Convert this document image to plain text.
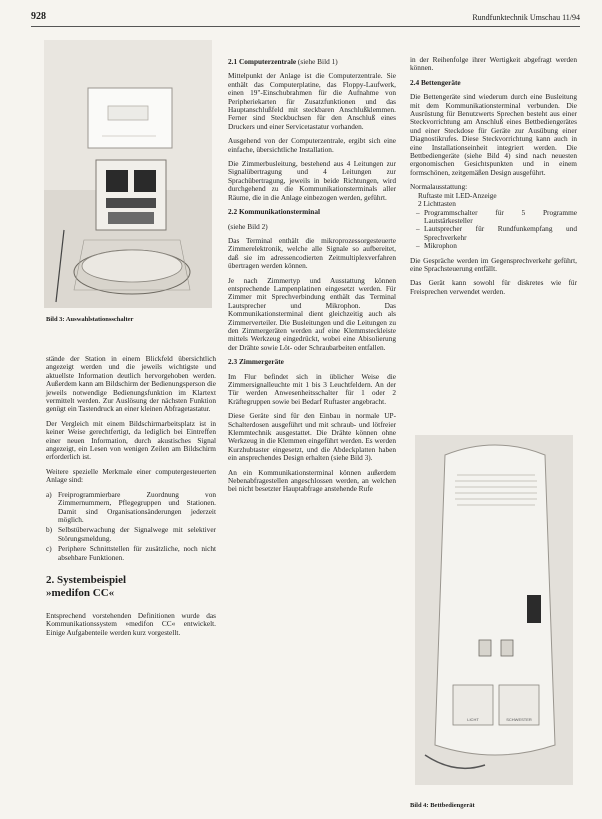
928	Rundfunktechnik Umschau 11/94
Bild 3: Auswahlstationsschalter

stände der Station in einem Blickfeld übersichtlich angezeigt werden und die jeweils wichtigste und aktuellste Information deutlich hervorgehoben werden. Außerdem kann am Bildschirm der Bedienungsperson die jeweils notwendige Bedienungsfunktion im Klartext vermittelt werden. Zur Auslösung der nächsten Funktion genügt ein Tastendruck an einer kleinen Abfragetastatur.

Der Vergleich mit einem Bildschirmarbeitsplatz ist in keiner Weise gerechtfertigt, da lediglich bei Eintreffen einer neuen Information, durch akustisches Signal angezeigt, ein Lesen von wenigen Zeilen am Bildschirm erforderlich ist.

Weitere spezielle Merkmale einer computergesteuerten Anlage sind:

a) Freiprogrammierbare Zuordnung von Zimmernummern, Pflegegruppen und Stationen. Damit sind Organisationsänderungen jederzeit möglich.
b) Selbstüberwachung der Signalwege mit selektiver Störungsmeldung.
c) Periphere Schnittstellen für zusätzliche, noch nicht absehbare Funktionen.
2. Systembeispiel
»medifon CC«

Entsprechend vorstehenden Definitionen wurde das Kommunikationssystem »medifon CC« entwickelt. Einige Aufgabenteile werden kurz vorgestellt.

2.1 Computerzentrale (siehe Bild 1)

Mittelpunkt der Anlage ist die Computerzentrale. Sie enthält das Computerplatine, das Floppy-Laufwerk, einen 19"-Einschubrahmen für die Aufnahme von Peripheriekarten für Zusatzfunktionen und das Hauptanschlußfeld mit steckbaren Anschlußklemmen. Ferner sind Steckbuchsen für den Anschluß eines Druckers und einer Servicetastatur vorhanden.

Ausgehend von der Computerzentrale, ergibt sich eine einfache, übersichtliche Installation.

Die Zimmerbusleitung, bestehend aus 4 Leitungen zur Signalübertragung und 4 Leitungen zur Sprachübertragung, jeweils in beide Richtungen, wird durchgehend zu die Kommunikationsterminals aller Räume, die in die Anlage einbezogen werden, geführt.

2.2 Kommunikationsterminal

(siehe Bild 2)

Das Terminal enthält die mikroprozessorgesteuerte Zimmerelektronik, welche alle Signale so aufbereitet, daß sie im adressencodierten Zeitmultiplexverfahren übertragen werden können.

Je nach Zimmertyp und Ausstattung können entsprechende Lampenplatinen eingesetzt werden. Für Zimmer mit Sprechverbindung enthält das Terminal Lautsprecher und Mikrophon. Das Kommunikationsterminal dient gleichzeitig auch als Zimmerverteiler. Die Busleitungen und die Leitungen zu den Zimmergeräten werden auf eine Klemmsteckleiste mittels Werkzeug eingedrückt, wobei eine Abisolierung der Drähte sowie Löt- oder Schraubarbeiten entfallen.

2.3 Zimmergeräte

Im Flur befindet sich in üblicher Weise die Zimmersignalleuchte mit 1 bis 3 Leuchtfeldern. An der Tür werden Anwesenheitsschalter für 1 oder 2 Kräftegruppen sowie bei Bedarf Ruftaster angebracht.

Diese Geräte sind für den Einbau in normale UP-Schalterdosen ausgeführt und mit schraub- und lötfreier Klemmtechnik ausgestattet. Die Drähte können ohne Werkzeug in die Klemmen eingeführt werden. Es werden Kurzhubtaster eingesetzt, und die Abdeckplatten haben ein ansprechendes Design erhalten (siehe Bild 3).

An ein Kommunikationsterminal können außerdem Nebenabfragestellen angeschlossen werden, an welchen bei nicht besetzter Hauptabfrage anstehende Rufe

in der Reihenfolge ihrer Wertigkeit abgefragt werden können.

2.4 Bettengeräte

Die Bettengeräte sind wiederum durch eine Busleitung mit dem Kommunikationsterminal verbunden. Die Ausrüstung für Benutzwerts Sprechen besteht aus einer Steckvorrichtung am Anschluß eines Bettbediengerätes und einer Steckdose für Geräte zur Ausübung einer Diagnostikrufes. Diese Steckvorrichtung kann auch in eine Installationseinheit integriert werden. Die Bettbediengeräte (siehe Bild 4) sind nach neuesten ergonomischen Gesichtspunkten und in einem formschönen, zeitgemäßen Design ausgeführt.

Normalausstattung:
Ruftaste mit LED-Anzeige
2 Lichttasten
– Programmschalter für 5 Programme Lautstärkesteller
– Lautsprecher für Rundfunkempfang und Sprechverkehr
– Mikrophon

Die Gespräche werden im Gegensprechverkehr geführt, eine Sprachsteuerung entfällt.

Das Gerät kann sowohl für diskretes wie für Freisprechen verwendet werden.

LICHT	SCHWESTER
Bild 4: Bettbediengerät
